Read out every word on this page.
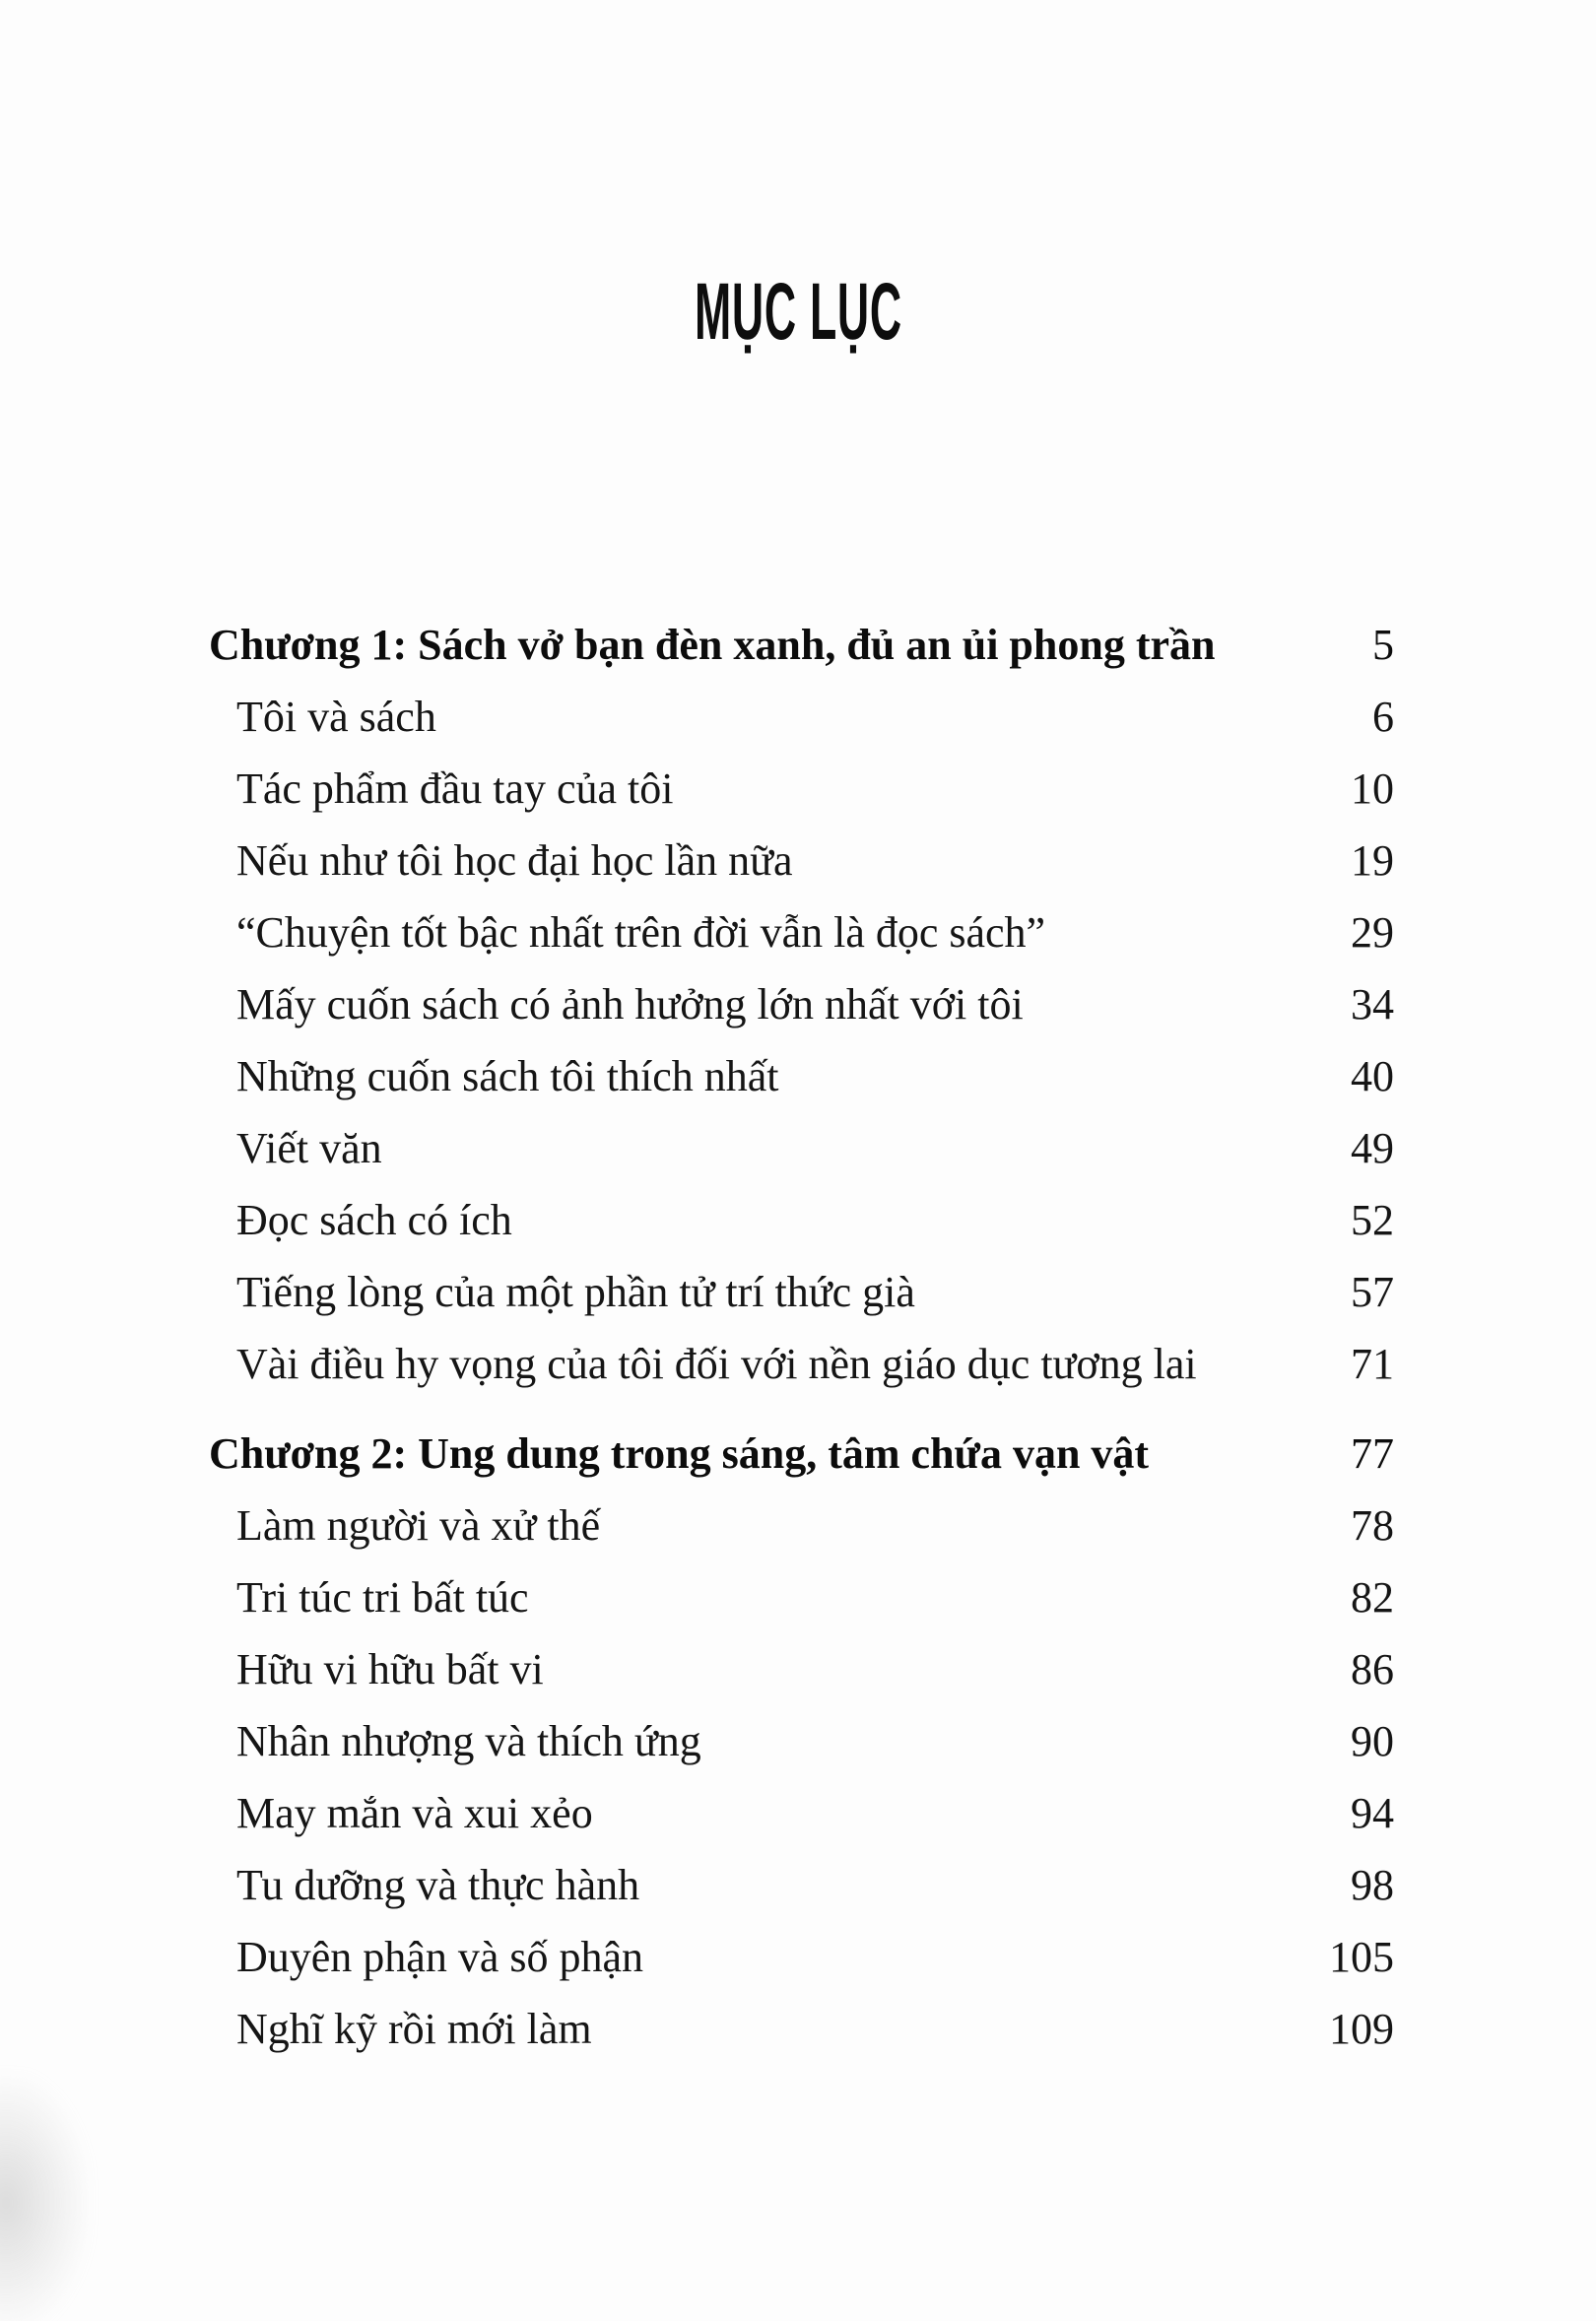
MỤC LỤC
Chương 1: Sách vở bạn đèn xanh, đủ an ủi phong trần	5
Tôi và sách	6
Tác phẩm đầu tay của tôi	10
Nếu như tôi học đại học lần nữa	19
“Chuyện tốt bậc nhất trên đời vẫn là đọc sách”	29
Mấy cuốn sách có ảnh hưởng lớn nhất với tôi	34
Những cuốn sách tôi thích nhất	40
Viết văn	49
Đọc sách có ích	52
Tiếng lòng của một phần tử trí thức già	57
Vài điều hy vọng của tôi đối với nền giáo dục tương lai	71
Chương 2: Ung dung trong sáng, tâm chứa vạn vật	77
Làm người và xử thế	78
Tri túc tri bất túc	82
Hữu vi hữu bất vi	86
Nhân nhượng và thích ứng	90
May mắn và xui xẻo	94
Tu dưỡng và thực hành	98
Duyên phận và số phận	105
Nghĩ kỹ rồi mới làm	109
